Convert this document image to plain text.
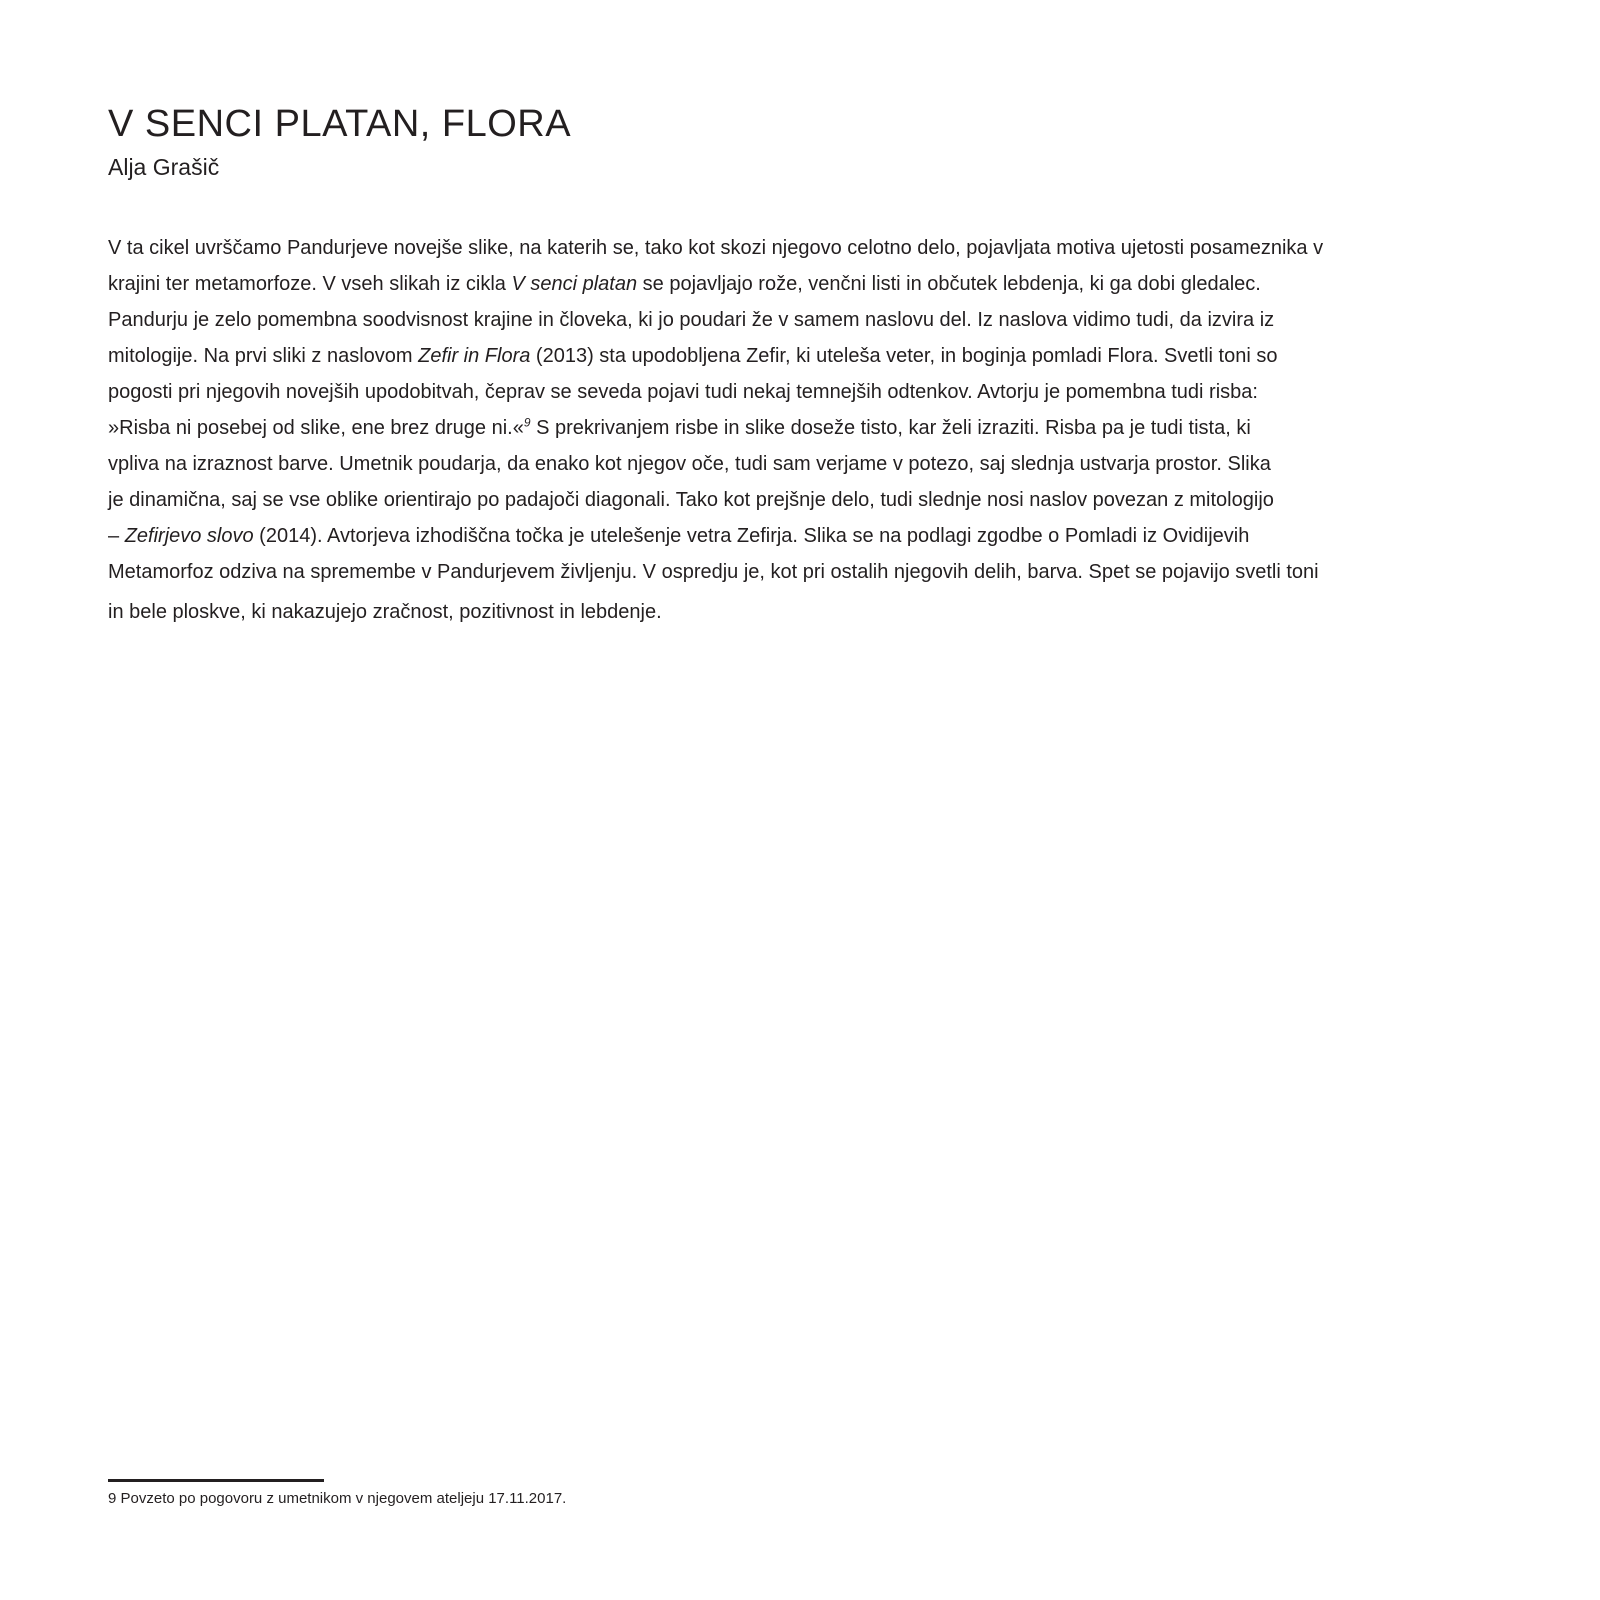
V SENCI PLATAN, FLORA

Alja Grašič

V ta cikel uvrščamo Pandurjeve novejše slike, na katerih se, tako kot skozi njegovo celotno delo, pojavljata motiva ujetosti posameznika v
krajini ter metamorfoze. V vseh slikah iz cikla V senci platan se pojavljajo rože, venčni listi in občutek lebdenja, ki ga dobi gledalec.
Pandurju je zelo pomembna soodvisnost krajine in človeka, ki jo poudari že v samem naslovu del. Iz naslova vidimo tudi, da izvira iz
mitologije. Na prvi sliki z naslovom Zefir in Flora (2013) sta upodobljena Zefir, ki uteleša veter, in boginja pomladi Flora. Svetli toni so
pogosti pri njegovih novejših upodobitvah, čeprav se seveda pojavi tudi nekaj temnejših odtenkov. Avtorju je pomembna tudi risba:
»Risba ni posebej od slike, ene brez druge ni.«$^9$ S prekrivanjem risbe in slike doseže tisto, kar želi izraziti. Risba pa je tudi tista, ki
vpliva na izraznost barve. Umetnik poudarja, da enako kot njegov oče, tudi sam verjame v potezo, saj slednja ustvarja prostor. Slika
je dinamična, saj se vse oblike orientirajo po padajoči diagonali. Tako kot prejšnje delo, tudi slednje nosi naslov povezan z mitologijo
– Zefirjevo slovo (2014). Avtorjeva izhodiščna točka je utelešenje vetra Zefirja. Slika se na podlagi zgodbe o Pomladi iz Ovidijevih
Metamorfoz odziva na spremembe v Pandurjevem življenju. V ospredju je, kot pri ostalih njegovih delih, barva. Spet se pojavijo svetli toni
in bele ploskve, ki nakazujejo zračnost, pozitivnost in lebdenje.

9 Povzeto po pogovoru z umetnikom v njegovem ateljeju 17.11.2017.
